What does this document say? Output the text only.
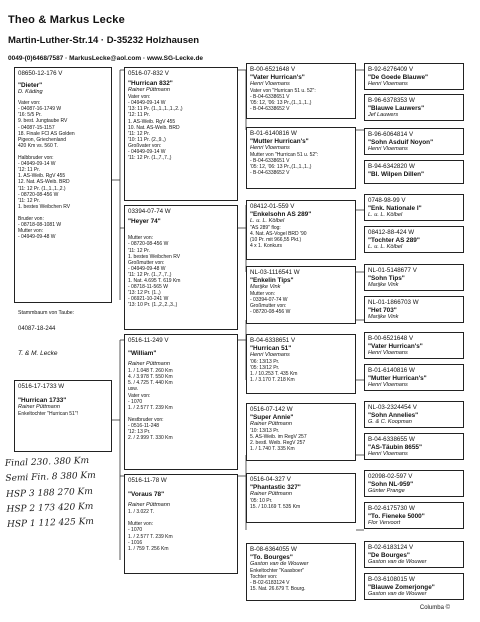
Theo & Markus Lecke
Martin-Luther-Str.14 · D-35232 Holzhausen
0049-(0)6468/7587 · MarkusLecke@aol.com · www.SG-Lecke.de
08650-12-176 V
"Dieter"
D. Käding
Vater von:
- 04087-16-1749 W
'16: 5/5 Pr.
9. best. Jungtaube RV
- 04087-15-1157
18. Finale FCI AS Golden
Pigeon, Griechenland
420 Km vs. 560 T.

Halbbruder von:
- 04949-09-14 W
'12: 11 Pr.
1. AS-Weib. RgV 455
12. Nat. AS-Weib. BRD
'11: 12 Pr. (1.,1.,1.,2.)
- 08720-08-456 W
'11: 12 Pr.
1. bestes Weibchen RV

Bruder von:
- 08718-08-1081 W
Mutter von:
- 04949-09-48 W
Stammbaum von Taube:
04087-18-244
T. & M. Lecke
0516-17-1733 W
"Hurrican 1733"
Rainer Püttmann
Enkeltochter "Hurrican 51"!
Final 230. 380 Km
Semi Fin. 8 380 Km
HSP 3 188 270 Km
HSP 2 173 420 Km
HSP 1 112 425 Km
0516-07-832 V
"Hurrican 832"
Rainer Püttmann
Vater von:
- 04949-09-14 W
'13: 11 Pr. (1.,1.,1.,1.,2.,)
'12: 11 Pr.
1. AS-Weib. RgV 455
10. Nat. AS-Weib. BRD
'11: 12 Pr.
'10: 11 Pr. (2.,9.,)
Großvater von:
- 04949-09-14 W
'11: 12 Pr. (1.,7.,7.,)
03394-07-74 W
"Heyer 74"
Mutter von:
- 08720-08-456 W
'11: 12 Pr.
1. bestes Weibchen RV
Großmutter von:
- 04949-09-48 W
'11: 12 Pr. (1.,7.,7.,)
1. Nat. 4.695 T. 619 Km
- 08718-11-565 W
'13: 12 Pr. (1.,)
- 06921-10-241 W
'13: 10 Pr. (1.,2.,2.,3.,)
0516-11-249 V
"William"
Rainer Püttmann
1. / 1.048 T. 260 Km
4. / 3.978 T. 550 Km
5. / 4.725 T. 440 Km
usw.
Vater von:
- 1070
1. / 2.577 T. 239 Km

Nestbruder von:
- 0516-11-248
'12: 13 Pr.
2. / 2.999 T. 330 Km
0516-11-78 W
"Voraus 78"
Rainer Püttmann
1. / 3.022 T.

Mutter von:
- 1070
1. / 2.577 T. 239 Km
- 1016
1. / 759 T. 256 Km
B-00-6521648 V
"Vater Hurrican's"
Henri Vloemans
Vater von "Hurrican 51 u. 52":
- B-04-6338651 V
'05: 12, '06: 13 Pr.,(1.,1.,1.,)
- B-04-6338652 V
B-01-6140816 W
"Mutter Hurrican's"
Henri Vloemans
Mutter von "Hurrican 51 u. 52":
- B-04-6338651 V
'05: 12, '06: 13 Pr.,(1.,1.,1.,)
- B-04-6338652 V
08412-01-559 V
"Enkelsohn AS 289"
L. u. L. Kölbel
"AS 289" flog:
4. Nat. AS-Vogel BRD '90
(10 Pr. mit 966,55 Pkt.)
4 x 1. Konkurs
NL-03-1116541 W
"Enkelin Tips"
Marijke Vink
Mutter von:
- 03394-07-74 W
Großmutter von:
- 08720-08-456 W
B-04-6338651 V
"Hurrican 51"
Henri Vloemans
'06: 13/13 Pr.
'05: 13/12 Pr.
1. / 10.253 T. 435 Km
1. / 3.170 T. 218 Km
0516-07-142 W
"Super Annie"
Rainer Püttmann
'10: 13/13 Pr.
5. AS-Weib. im RegV 257
2. bestl. Weib. RegV 257
1. / 1.740 T. 335 Km
0516-04-327 V
"Phantastic 327"
Rainer Püttmann
'05: 10 Pr.
15. / 10.169 T. 535 Km
B-08-6364055 W
"To. Bourges"
Gaston van de Wouwer
Enkeltochter "Kaasboer"
Tochter von:
- B-02-6183124 V
15. Nat. 26.679 T. Bourg.
B-92-6276409 V
"De Goede Blauwe"
Henri Vloemans
B-96-6378353 W
"Blauwe Lauwers"
Jef Lauwers
B-96-6064814 V
"Sohn Asduif Noyon"
Henri Vloemans
B-94-6342820 W
"Bl. Wilpen Dillen"
0748-98-99 V
"Enk. Nationale I"
L. u. L. Kölbel
08412-88-424 W
"Tochter AS 289"
L. u. L. Kölbel
NL-01-5148677 V
"Sohn Tips"
Marijke Vink
NL-01-1866703 W
"Het 703"
Marijke Vink
B-00-6521648 V
"Vater Hurrican's"
Henri Vloemans
B-01-6140816 W
"Mutter Hurrican's"
Henri Vloemans
NL-03-2324454 V
"Sohn Annelies"
G. & C. Koopman
B-04-6338655 W
"AS-Täubin 8655"
Henri Vloemans
02098-02-597 V
"Sohn NL-959"
Günter Prange
B-02-6175730 W
"To. Fieneke 5000"
Flor Vervoort
B-02-6183124 V
"De Bourges"
Gaston van de Wouwer
B-03-6108015 W
"Blauwe Zomerjonge"
Gaston van de Wouwer
Columba ©
